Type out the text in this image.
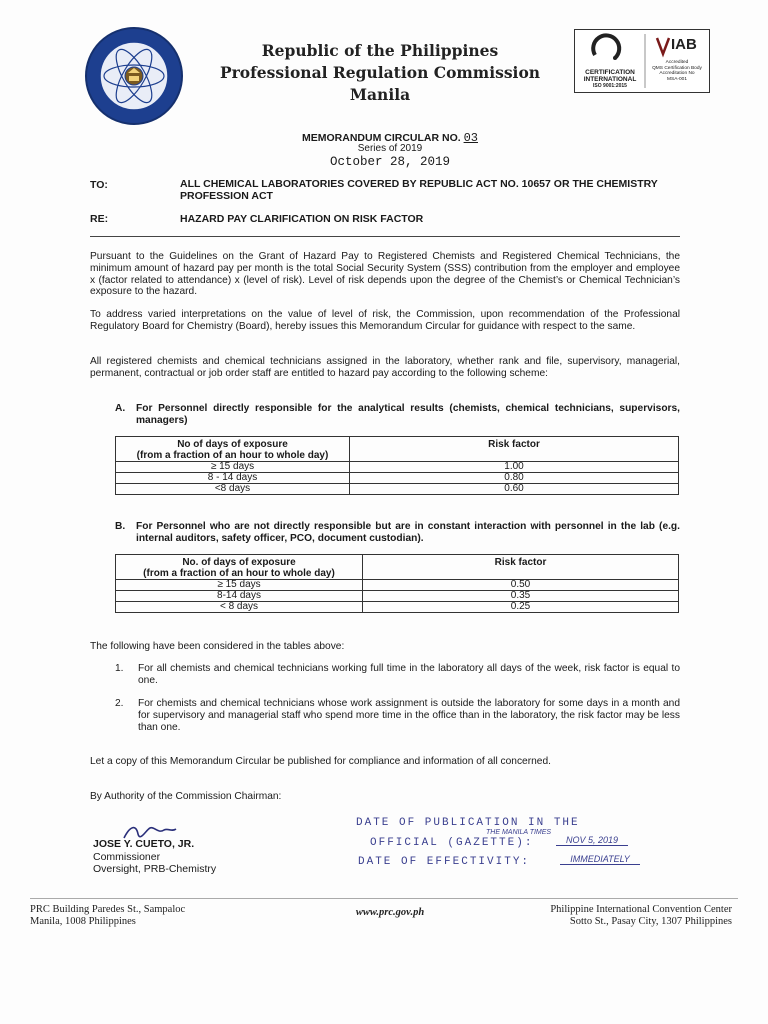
Republic of the Philippines
Professional Regulation Commission
Manila
CERTIFICATION
INTERNATIONAL
ISO 9001:2015
IAB
Accredited
QMS Certification Body
Accreditation No
MSA-001
MEMORANDUM CIRCULAR NO. 03
Series of 2019
October 28, 2019
TO:	ALL CHEMICAL LABORATORIES COVERED BY REPUBLIC ACT NO. 10657 OR THE CHEMISTRY PROFESSION ACT
RE:	HAZARD PAY CLARIFICATION ON RISK FACTOR
Pursuant to the Guidelines on the Grant of Hazard Pay to Registered Chemists and Registered Chemical Technicians, the minimum amount of hazard pay per month is the total Social Security System (SSS) contribution from the employer and employee x (factor related to attendance) x (level of risk). Level of risk depends upon the degree of the Chemist’s or Chemical Technician’s exposure to the hazard.
To address varied interpretations on the value of level of risk, the Commission, upon recommendation of the Professional Regulatory Board for Chemistry (Board), hereby issues this Memorandum Circular for guidance with respect to the same.
All registered chemists and chemical technicians assigned in the laboratory, whether rank and file, supervisory, managerial, permanent, contractual or job order staff are entitled to hazard pay according to the following scheme:
A. For Personnel directly responsible for the analytical results (chemists, chemical technicians, supervisors, managers)
No of days of exposure
(from a fraction of an hour to whole day)	Risk factor
≥ 15 days	1.00
8 - 14 days	0.80
<8 days	0.60
B. For Personnel who are not directly responsible but are in constant interaction with personnel in the lab (e.g. internal auditors, safety officer, PCO, document custodian).
No. of days of exposure
(from a fraction of an hour to whole day)	Risk factor
≥ 15 days	0.50
8-14 days	0.35
< 8 days	0.25
The following have been considered in the tables above:
1. For all chemists and chemical technicians working full time in the laboratory all days of the week, risk factor is equal to one.
2. For chemists and chemical technicians whose work assignment is outside the laboratory for some days in a month and for supervisory and managerial staff who spend more time in the office than in the laboratory, the risk factor may be less than one.
Let a copy of this Memorandum Circular be published for compliance and information of all concerned.
By Authority of the Commission Chairman:
JOSE Y. CUETO, JR.
Commissioner
Oversight, PRB-Chemistry
DATE OF PUBLICATION IN THE
THE MANILA TIMES
OFFICIAL (GAZETTE):	NOV 5, 2019
DATE OF EFFECTIVITY:	IMMEDIATELY
PRC Building Paredes St., Sampaloc
Manila, 1008 Philippines
www.prc.gov.ph	Philippine International Convention Center
Sotto St., Pasay City, 1307 Philippines
